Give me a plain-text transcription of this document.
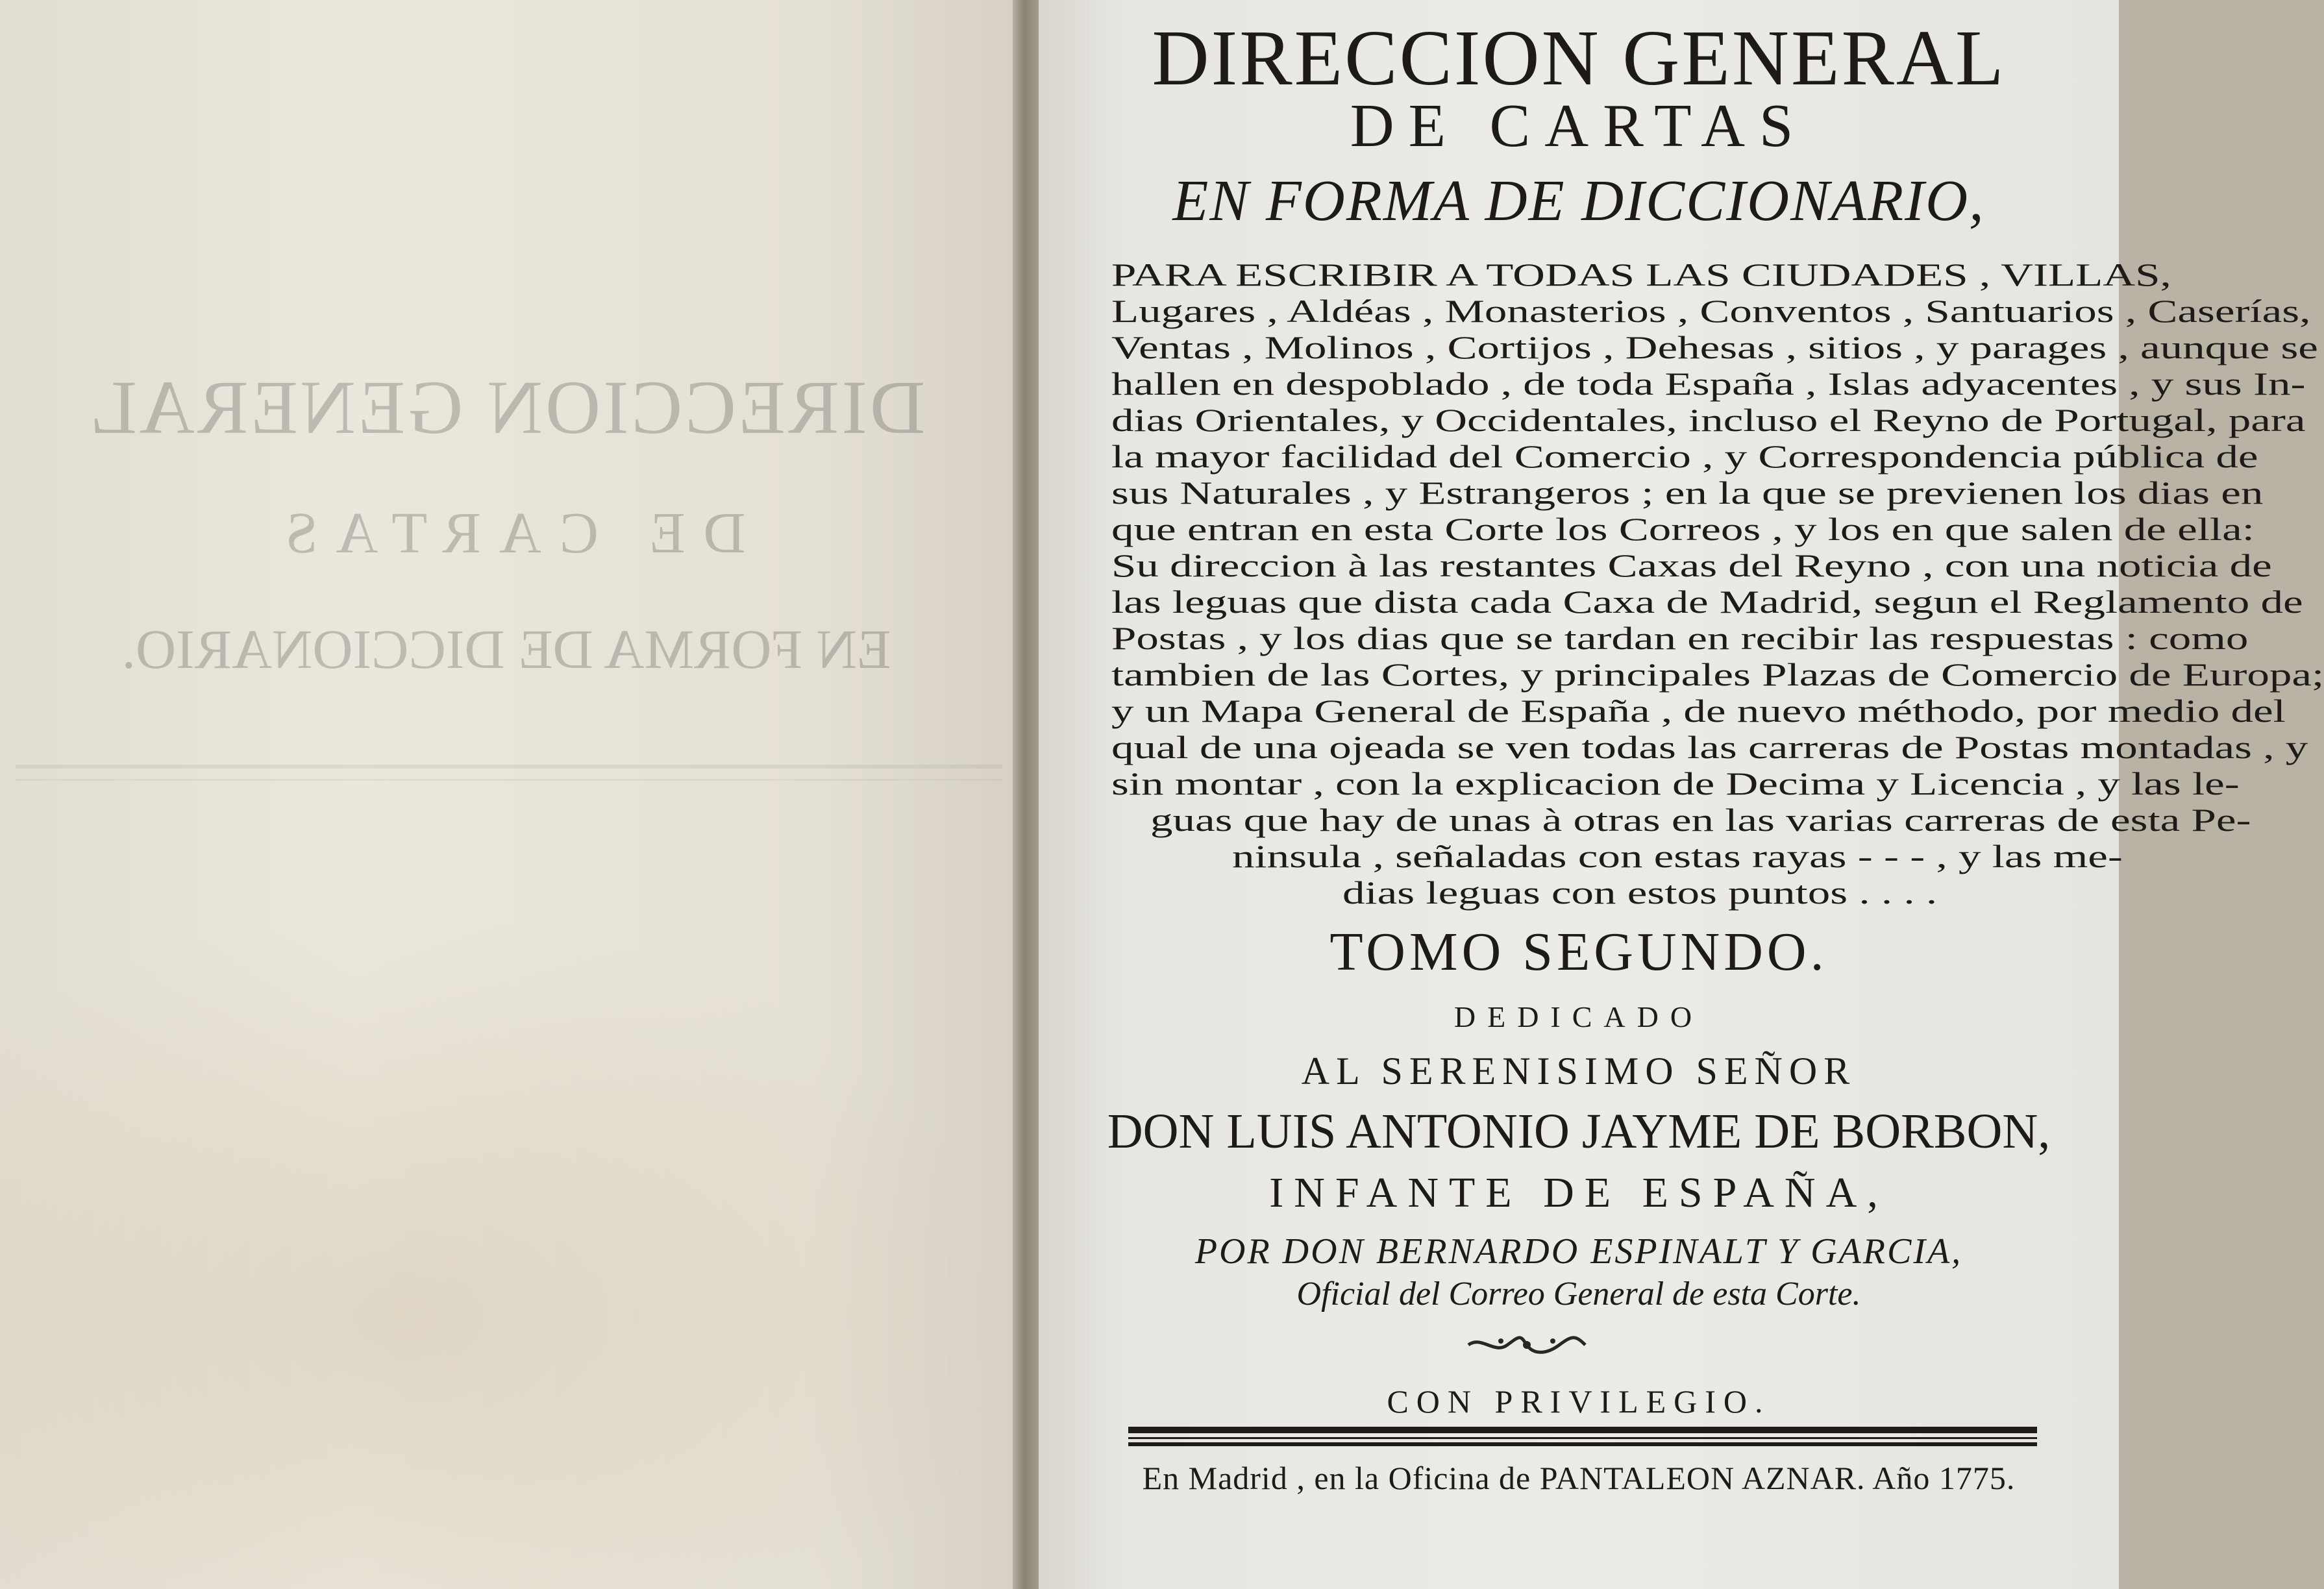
DIRECCION GENERAL
DE CARTAS
EN FORMA DE DICCIONARIO.
DIRECCION GENERAL
DE CARTAS
EN FORMA DE DICCIONARIO,
PARA ESCRIBIR A TODAS LAS CIUDADES , VILLAS,
Lugares , Aldéas , Monasterios , Conventos , Santuarios , Caserías,
Ventas , Molinos , Cortijos , Dehesas , sitios , y parages , aunque se
hallen en despoblado , de toda España , Islas adyacentes , y sus In-
dias Orientales, y Occidentales, incluso el Reyno de Portugal, para
la mayor facilidad del Comercio , y Correspondencia pública de
sus Naturales , y Estrangeros ; en la que se previenen los dias en
que entran en esta Corte los Correos , y los en que salen de ella:
Su direccion à las restantes Caxas del Reyno , con una noticia de
las leguas que dista cada Caxa de Madrid, segun el Reglamento de
Postas , y los dias que se tardan en recibir las respuestas : como
tambien de las Cortes, y principales Plazas de Comercio de Europa;
y un Mapa General de España , de nuevo méthodo, por medio del
qual de una ojeada se ven todas las carreras de Postas montadas , y
sin montar , con la explicacion de Decima y Licencia , y las le-
guas que hay de unas à otras en las varias carreras de esta Pe-
ninsula , señaladas con estas rayas - - - , y las me-
dias leguas con estos puntos . . . .
TOMO SEGUNDO.
DEDICADO
AL SERENISIMO SEÑOR
DON LUIS ANTONIO JAYME DE BORBON,
INFANTE DE ESPAÑA,
POR DON BERNARDO ESPINALT Y GARCIA,
Oficial del Correo General de esta Corte.
CON PRIVILEGIO.
En Madrid , en la Oficina de PANTALEON AZNAR. Año 1775.
